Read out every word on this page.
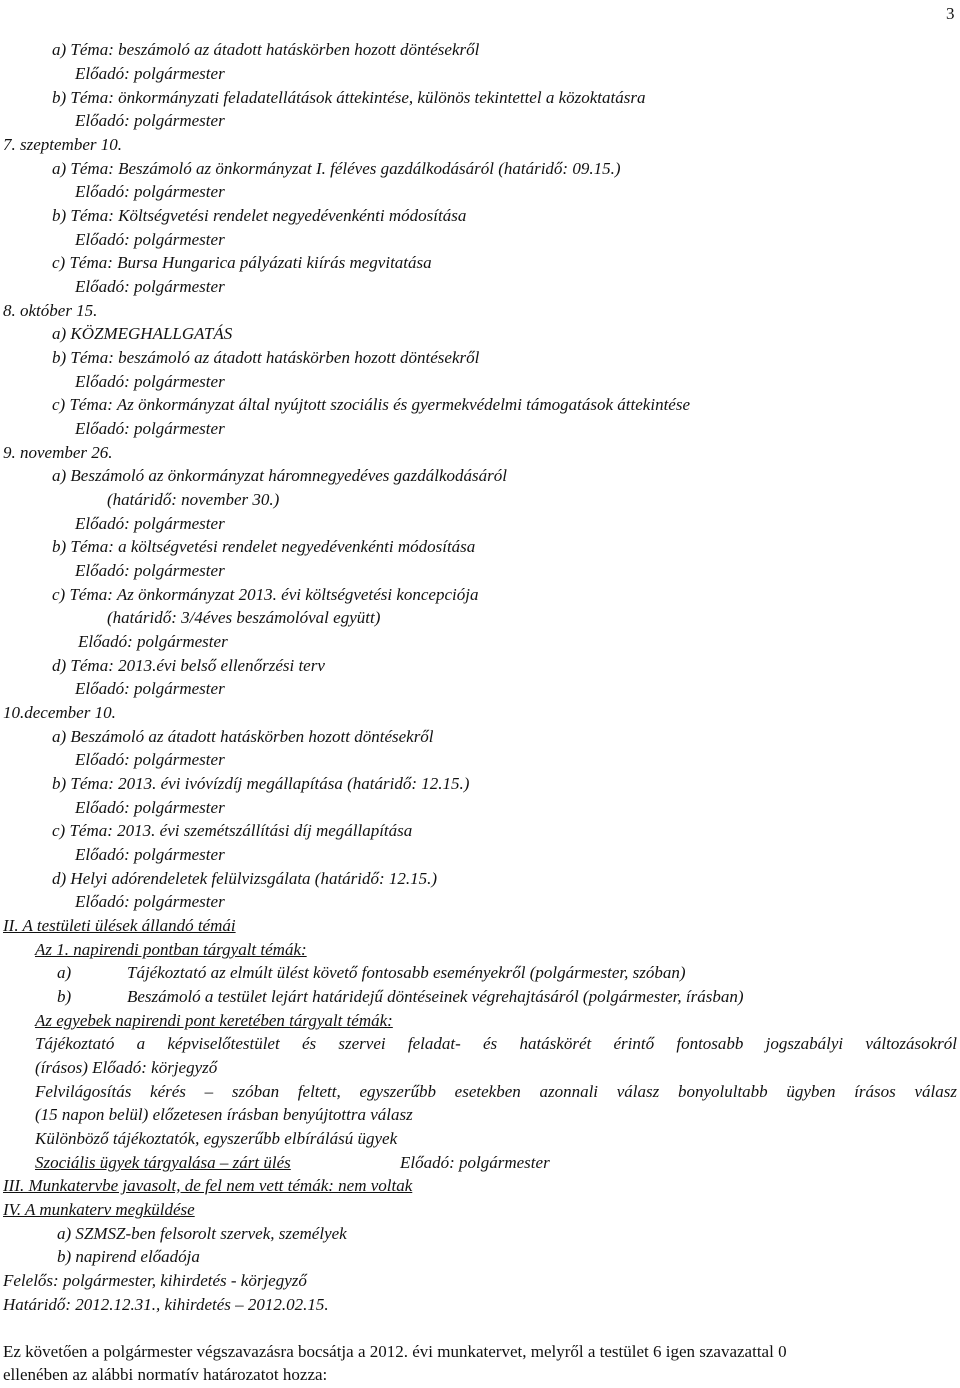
3
a) Téma: beszámoló az átadott hatáskörben hozott döntésekről
Előadó: polgármester
b) Téma: önkormányzati feladatellátások áttekintése, különös tekintettel a közoktatásra
Előadó: polgármester
7. szeptember 10.
a) Téma: Beszámoló az önkormányzat I. féléves gazdálkodásáról (határidő: 09.15.)
Előadó: polgármester
b) Téma: Költségvetési rendelet negyedévenkénti módosítása
Előadó: polgármester
c) Téma: Bursa Hungarica pályázati kiírás megvitatása
Előadó: polgármester
8. október 15.
a) KÖZMEGHALLGATÁS
b) Téma: beszámoló az átadott hatáskörben hozott döntésekről
Előadó: polgármester
c) Téma: Az önkormányzat által nyújtott szociális és gyermekvédelmi támogatások áttekintése
Előadó: polgármester
9. november 26.
a) Beszámoló az önkormányzat háromnegyedéves gazdálkodásáról
(határidő: november 30.)
Előadó: polgármester
b) Téma: a költségvetési rendelet negyedévenkénti módosítása
Előadó: polgármester
c) Téma: Az önkormányzat 2013. évi költségvetési koncepciója
(határidő: 3/4éves beszámolóval együtt)
Előadó: polgármester
d) Téma: 2013.évi belső ellenőrzési terv
Előadó: polgármester
10.december 10.
a) Beszámoló az átadott hatáskörben hozott döntésekről
Előadó: polgármester
b) Téma: 2013. évi ivóvízdíj megállapítása (határidő: 12.15.)
Előadó: polgármester
c) Téma: 2013. évi szemétszállítási díj megállapítása
Előadó: polgármester
d) Helyi adórendeletek felülvizsgálata (határidő: 12.15.)
Előadó: polgármester
II. A testületi ülések állandó témái
Az 1. napirendi pontban tárgyalt témák:
a)	Tájékoztató az elmúlt ülést követő fontosabb eseményekről (polgármester, szóban)
b)	Beszámoló a testület lejárt határidejű döntéseinek végrehajtásáról (polgármester, írásban)
Az egyebek napirendi pont keretében tárgyalt témák:
Tájékoztató a képviselőtestület és szervei feladat- és hatáskörét érintő fontosabb jogszabályi változásokról
(írásos) Előadó: körjegyző
Felvilágosítás kérés – szóban feltett, egyszerűbb esetekben azonnali válasz bonyolultabb ügyben írásos válasz
(15 napon belül) előzetesen írásban benyújtottra válasz
Különböző tájékoztatók, egyszerűbb elbírálású ügyek
Szociális ügyek tárgyalása – zárt ülés	Előadó: polgármester
III. Munkatervbe javasolt, de fel nem vett témák: nem voltak
IV. A munkaterv megküldése
a) SZMSZ-ben felsorolt szervek, személyek
b) napirend előadója
Felelős: polgármester, kihirdetés - körjegyző
Határidő: 2012.12.31., kihirdetés – 2012.02.15.
Ez követően a polgármester végszavazásra bocsátja a 2012. évi munkatervet, melyről a testület 6 igen szavazattal 0
ellenében az alábbi normatív határozatot hozza:
